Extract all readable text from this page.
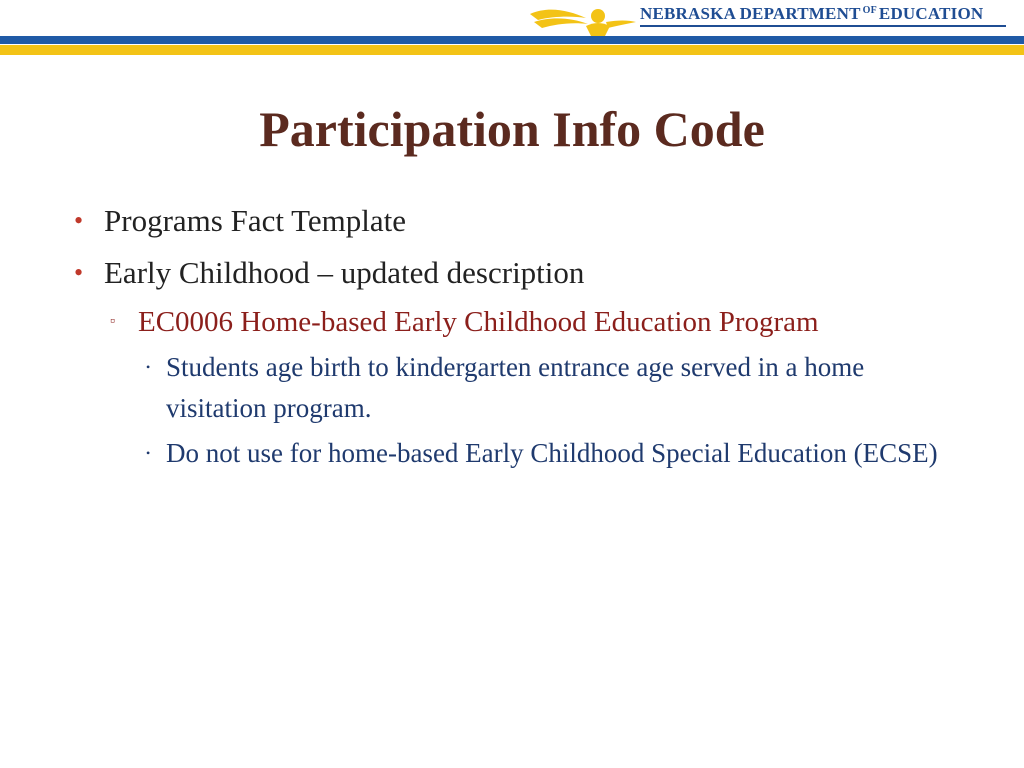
NEBRASKA DEPARTMENT $^{OF}$ EDUCATION
Participation Info Code
• Programs Fact Template
• Early Childhood – updated description
▫ EC0006 Home-based Early Childhood Education Program
• Students age birth to kindergarten entrance age served in a home visitation program.
• Do not use for home-based Early Childhood Special Education (ECSE)
